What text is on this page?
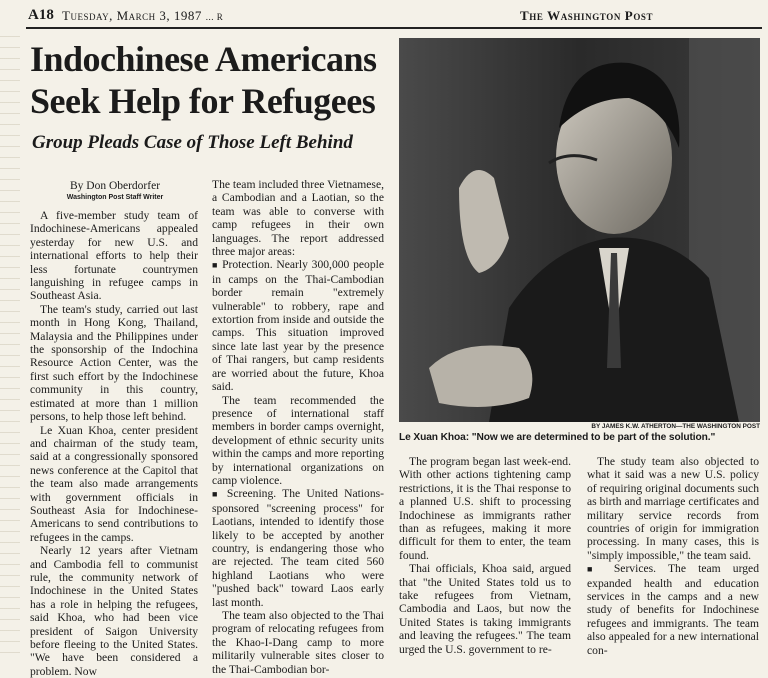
A18 Tuesday, March 3, 1987 ... R	The Washington Post
Indochinese Americans Seek Help for Refugees
Group Pleads Case of Those Left Behind
By Don Oberdorfer
Washington Post Staff Writer

A five-member study team of Indochinese-Americans appealed yesterday for new U.S. and international efforts to help their less fortunate countrymen languishing in refugee camps in Southeast Asia.

The team's study, carried out last month in Hong Kong, Thailand, Malaysia and the Philippines under the sponsorship of the Indochina Resource Action Center, was the first such effort by the Indochinese community in this country, estimated at more than 1 million persons, to help those left behind.

Le Xuan Khoa, center president and chairman of the study team, said at a congressionally sponsored news conference at the Capitol that the team also made arrangements with government officials in Southeast Asia for Indochinese-Americans to send contributions to refugees in the camps.

Nearly 12 years after Vietnam and Cambodia fell to communist rule, the community network of Indochinese in the United States has a role in helping the refugees, said Khoa, who had been vice president of Saigon University before fleeing to the United States. "We have been considered a problem. Now

The team included three Vietnamese, a Cambodian and a Laotian, so the team was able to converse with camp refugees in their own languages. The report addressed three major areas:

■ Protection. Nearly 300,000 people in camps on the Thai-Cambodian border remain "extremely vulnerable" to robbery, rape and extortion from inside and outside the camps. This situation improved since late last year by the presence of Thai rangers, but camp residents are worried about the future, Khoa said.

The team recommended the presence of international staff members in border camps overnight, development of ethnic security units within the camps and more reporting by international organizations on camp violence.

■ Screening. The United Nations-sponsored "screening process" for Laotians, intended to identify those likely to be accepted by another country, is endangering those who are rejected. The team cited 560 highland Laotians who were "pushed back" toward Laos early last month.

The team also objected to the Thai program of relocating refugees from the Khao-I-Dang camp to more militarily vulnerable sites closer to the Thai-Cambodian bor-

BY JAMES K.W. ATHERTON—THE WASHINGTON POST
Le Xuan Khoa: "Now we are determined to be part of the solution."

The program began last week-end. With other actions tightening camp restrictions, it is the Thai response to a planned U.S. shift to processing Indochinese as immigrants rather than as refugees, making it more difficult for them to enter, the team found.

Thai officials, Khoa said, argued that "the United States told us to take refugees from Vietnam, Cambodia and Laos, but now the United States is taking immigrants and leaving the refugees." The team urged the U.S. government to re-

The study team also objected to what it said was a new U.S. policy of requiring original documents such as birth and marriage certificates and military service records from countries of origin for immigration processing. In many cases, this is "simply impossible," the team said.

■ Services. The team urged expanded health and education services in the camps and a new study of benefits for Indochinese refugees and immigrants. The team also appealed for a new international con-
